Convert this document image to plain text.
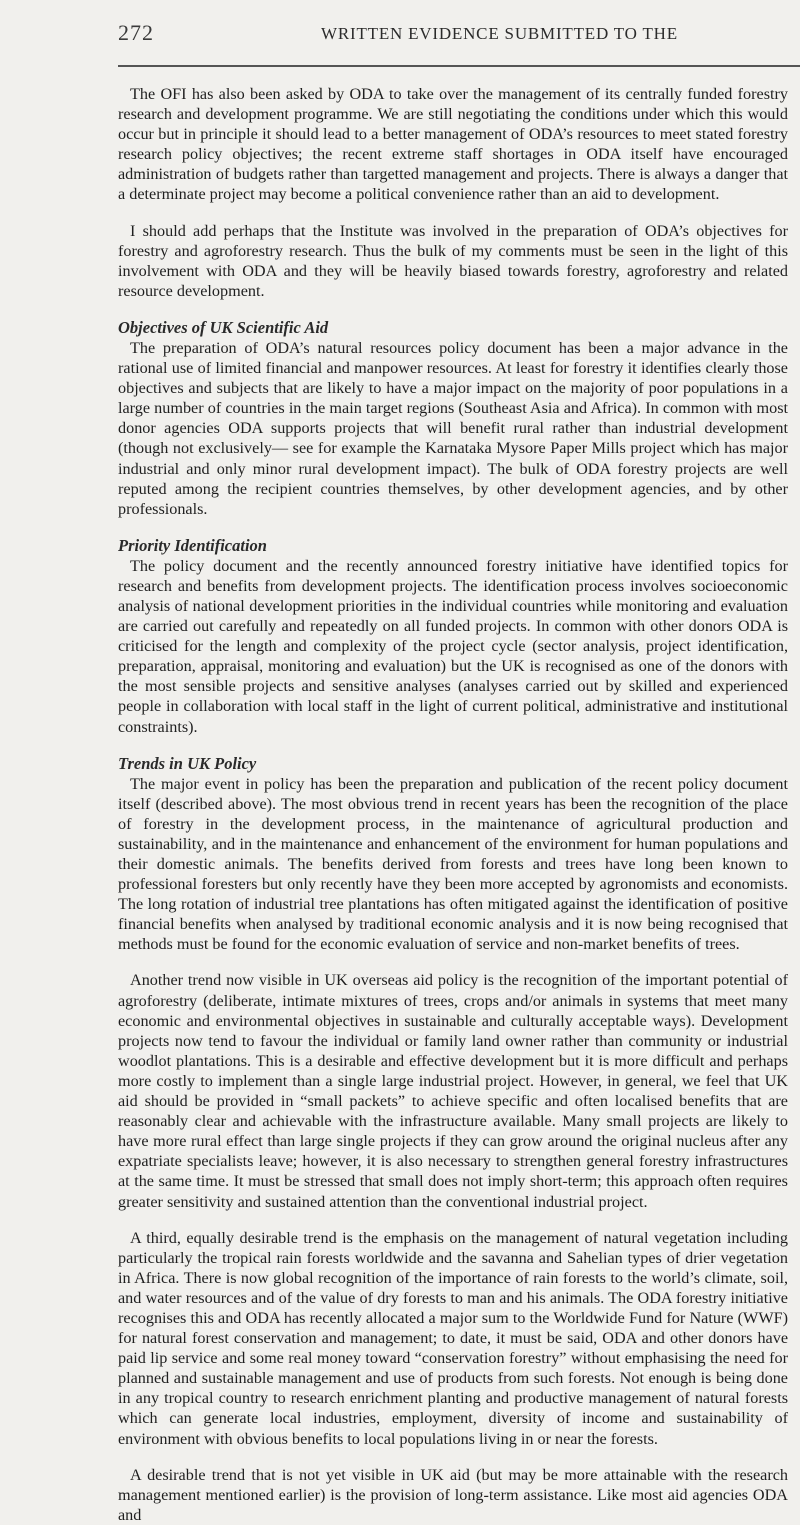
272	WRITTEN EVIDENCE SUBMITTED TO THE

The OFI has also been asked by ODA to take over the management of its centrally funded forestry research and development programme. We are still negotiating the conditions under which this would occur but in principle it should lead to a better management of ODA’s resources to meet stated forestry research policy objectives; the recent extreme staff shortages in ODA itself have encouraged administration of budgets rather than targetted management and projects. There is always a danger that a determinate project may become a political convenience rather than an aid to development.

I should add perhaps that the Institute was involved in the preparation of ODA’s objectives for forestry and agroforestry research. Thus the bulk of my comments must be seen in the light of this involvement with ODA and they will be heavily biased towards forestry, agroforestry and related resource development.

Objectives of UK Scientific Aid

The preparation of ODA’s natural resources policy document has been a major advance in the rational use of limited financial and manpower resources. At least for forestry it identifies clearly those objectives and subjects that are likely to have a major impact on the majority of poor populations in a large number of countries in the main target regions (Southeast Asia and Africa). In common with most donor agencies ODA supports projects that will benefit rural rather than industrial development (though not exclusively— see for example the Karnataka Mysore Paper Mills project which has major industrial and only minor rural development impact). The bulk of ODA forestry projects are well reputed among the recipient countries themselves, by other development agencies, and by other professionals.

Priority Identification

The policy document and the recently announced forestry initiative have identified topics for research and benefits from development projects. The identification process involves socioeconomic analysis of national development priorities in the individual countries while monitoring and evaluation are carried out carefully and repeatedly on all funded projects. In common with other donors ODA is criticised for the length and complexity of the project cycle (sector analysis, project identification, preparation, appraisal, monitoring and evaluation) but the UK is recognised as one of the donors with the most sensible projects and sensitive analyses (analyses carried out by skilled and experienced people in collaboration with local staff in the light of current political, administrative and institutional constraints).

Trends in UK Policy

The major event in policy has been the preparation and publication of the recent policy document itself (described above). The most obvious trend in recent years has been the recognition of the place of forestry in the development process, in the maintenance of agricultural production and sustainability, and in the maintenance and enhancement of the environment for human populations and their domestic animals. The benefits derived from forests and trees have long been known to professional foresters but only recently have they been more accepted by agronomists and economists. The long rotation of industrial tree plantations has often mitigated against the identification of positive financial benefits when analysed by traditional economic analysis and it is now being recognised that methods must be found for the economic evaluation of service and non-market benefits of trees.

Another trend now visible in UK overseas aid policy is the recognition of the important potential of agroforestry (deliberate, intimate mixtures of trees, crops and/or animals in systems that meet many economic and environmental objectives in sustainable and culturally acceptable ways). Development projects now tend to favour the individual or family land owner rather than community or industrial woodlot plantations. This is a desirable and effective development but it is more difficult and perhaps more costly to implement than a single large industrial project. However, in general, we feel that UK aid should be provided in “small packets” to achieve specific and often localised benefits that are reasonably clear and achievable with the infrastructure available. Many small projects are likely to have more rural effect than large single projects if they can grow around the original nucleus after any expatriate specialists leave; however, it is also necessary to strengthen general forestry infrastructures at the same time. It must be stressed that small does not imply short-term; this approach often requires greater sensitivity and sustained attention than the conventional industrial project.

A third, equally desirable trend is the emphasis on the management of natural vegetation including particularly the tropical rain forests worldwide and the savanna and Sahelian types of drier vegetation in Africa. There is now global recognition of the importance of rain forests to the world’s climate, soil, and water resources and of the value of dry forests to man and his animals. The ODA forestry initiative recognises this and ODA has recently allocated a major sum to the Worldwide Fund for Nature (WWF) for natural forest conservation and management; to date, it must be said, ODA and other donors have paid lip service and some real money toward “conservation forestry” without emphasising the need for planned and sustainable management and use of products from such forests. Not enough is being done in any tropical country to research enrichment planting and productive management of natural forests which can generate local industries, employment, diversity of income and sustainability of environment with obvious benefits to local populations living in or near the forests.

A desirable trend that is not yet visible in UK aid (but may be more attainable with the research management mentioned earlier) is the provision of long-term assistance. Like most aid agencies ODA and
